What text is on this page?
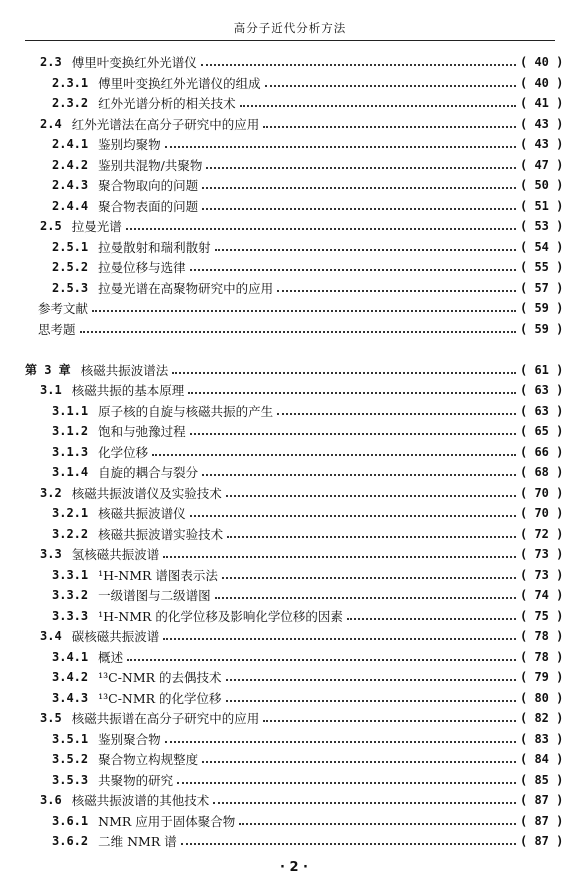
高分子近代分析方法
2.3 傅里叶变换红外光谱仪	( 40 )
2.3.1 傅里叶变换红外光谱仪的组成	( 40 )
2.3.2 红外光谱分析的相关技术	( 41 )
2.4 红外光谱法在高分子研究中的应用	( 43 )
2.4.1 鉴别均聚物	( 43 )
2.4.2 鉴别共混物/共聚物	( 47 )
2.4.3 聚合物取向的问题	( 50 )
2.4.4 聚合物表面的问题	( 51 )
2.5 拉曼光谱	( 53 )
2.5.1 拉曼散射和瑞利散射	( 54 )
2.5.2 拉曼位移与选律	( 55 )
2.5.3 拉曼光谱在高聚物研究中的应用	( 57 )
参考文献	( 59 )
思考题	( 59 )
第 3 章 核磁共振波谱法	( 61 )
3.1 核磁共振的基本原理	( 63 )
3.1.1 原子核的自旋与核磁共振的产生	( 63 )
3.1.2 饱和与弛豫过程	( 65 )
3.1.3 化学位移	( 66 )
3.1.4 自旋的耦合与裂分	( 68 )
3.2 核磁共振波谱仪及实验技术	( 70 )
3.2.1 核磁共振波谱仪	( 70 )
3.2.2 核磁共振波谱实验技术	( 72 )
3.3 氢核磁共振波谱	( 73 )
3.3.1 ¹H-NMR 谱图表示法	( 73 )
3.3.2 一级谱图与二级谱图	( 74 )
3.3.3 ¹H-NMR 的化学位移及影响化学位移的因素	( 75 )
3.4 碳核磁共振波谱	( 78 )
3.4.1 概述	( 78 )
3.4.2 ¹³C-NMR 的去偶技术	( 79 )
3.4.3 ¹³C-NMR 的化学位移	( 80 )
3.5 核磁共振谱在高分子研究中的应用	( 82 )
3.5.1 鉴别聚合物	( 83 )
3.5.2 聚合物立构规整度	( 84 )
3.5.3 共聚物的研究	( 85 )
3.6 核磁共振波谱的其他技术	( 87 )
3.6.1 NMR 应用于固体聚合物	( 87 )
3.6.2 二维 NMR 谱	( 87 )
· 2 ·
